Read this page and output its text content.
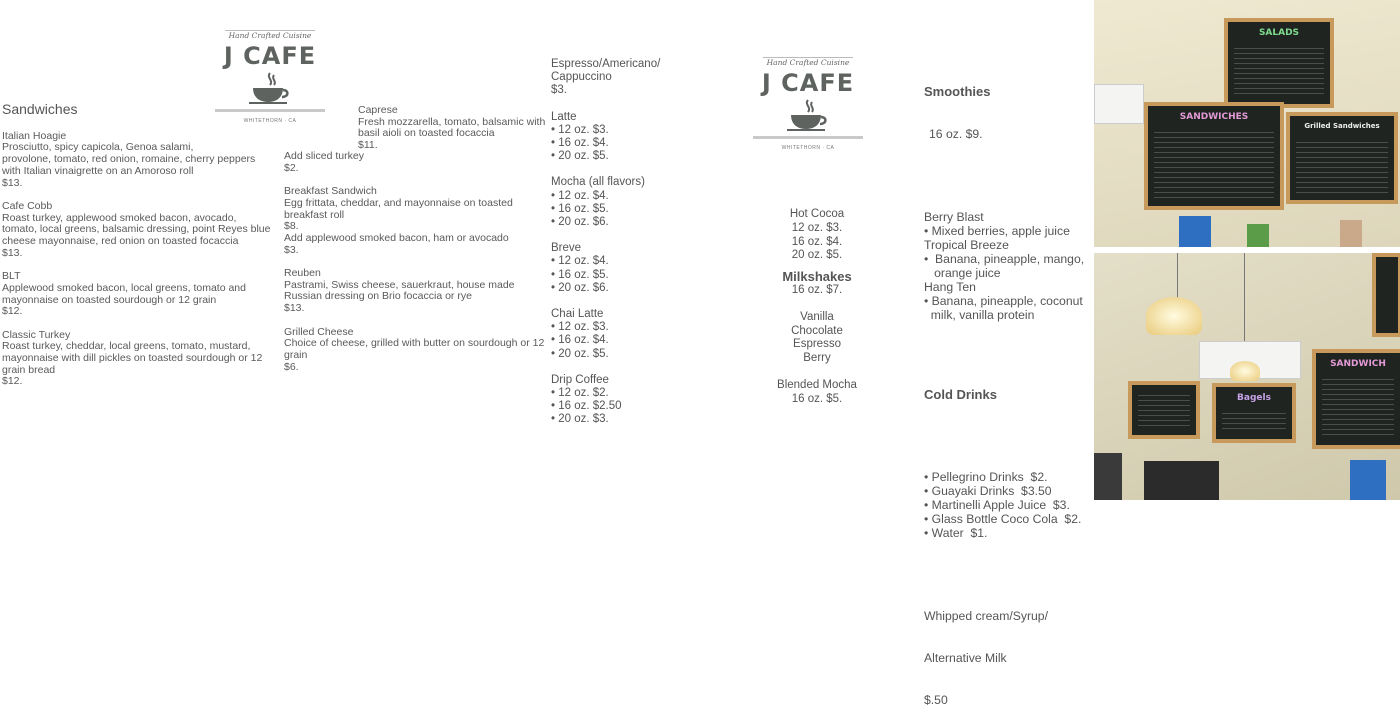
Hand Crafted Cuisine
J CAFE
WHITETHORN · CA
Sandwiches
Italian Hoagie
Prosciutto, spicy capicola, Genoa salami,
provolone, tomato, red onion, romaine, cherry peppers
with Italian vinaigrette on an Amoroso roll
$13.
Cafe Cobb
Roast turkey, applewood smoked bacon, avocado,
tomato, local greens, balsamic dressing, point Reyes blue
cheese mayonnaise, red onion on toasted focaccia
$13.
BLT
Applewood smoked bacon, local greens, tomato and
mayonnaise on toasted sourdough or 12 grain
$12.
Classic Turkey
Roast turkey, cheddar, local greens, tomato, mustard,
mayonnaise with dill pickles on toasted sourdough or 12
grain bread
$12.
Caprese
Fresh mozzarella, tomato, balsamic with
basil aioli on toasted focaccia
$11.
Add sliced turkey
$2.
Breakfast Sandwich
Egg frittata, cheddar, and mayonnaise on toasted
breakfast roll
$8.
Add applewood smoked bacon, ham or avocado
$3.
Reuben
Pastrami, Swiss cheese, sauerkraut, house made
Russian dressing on Brio focaccia or rye
$13.
Grilled Cheese
Choice of cheese, grilled with butter on sourdough or 12
grain
$6.
Espresso/Americano/
Cappuccino
$3.
Latte
• 12 oz. $3.
• 16 oz. $4.
• 20 oz. $5.
Mocha (all flavors)
• 12 oz. $4.
• 16 oz. $5.
• 20 oz. $6.
Breve
• 12 oz. $4.
• 16 oz. $5.
• 20 oz. $6.
Chai Latte
• 12 oz. $3.
• 16 oz. $4.
• 20 oz. $5.
Drip Coffee
• 12 oz. $2.
• 16 oz. $2.50
• 20 oz. $3.
Hand Crafted Cuisine
J CAFE
WHITETHORN · CA
Hot Cocoa
12 oz. $3.
16 oz. $4.
20 oz. $5.
Milkshakes
16 oz. $7.
Vanilla
Chocolate
Espresso
Berry
Blended Mocha
16 oz. $5.

Smoothies

16 oz. $9.

Berry Blast
• Mixed berries, apple juice
Tropical Breeze
•  Banana, pineapple, mango,
orange juice
Hang Ten
• Banana, pineapple, coconut
milk, vanilla protein

Cold Drinks

• Pellegrino Drinks  $2.
• Guayaki Drinks  $3.50
• Martinelli Apple Juice  $3.
• Glass Bottle Coco Cola  $2.
• Water  $1.

Whipped cream/Syrup/

Alternative Milk

$.50

SALADS
SANDWICHES
Grilled Sandwiches
Bagels
SANDWICH
